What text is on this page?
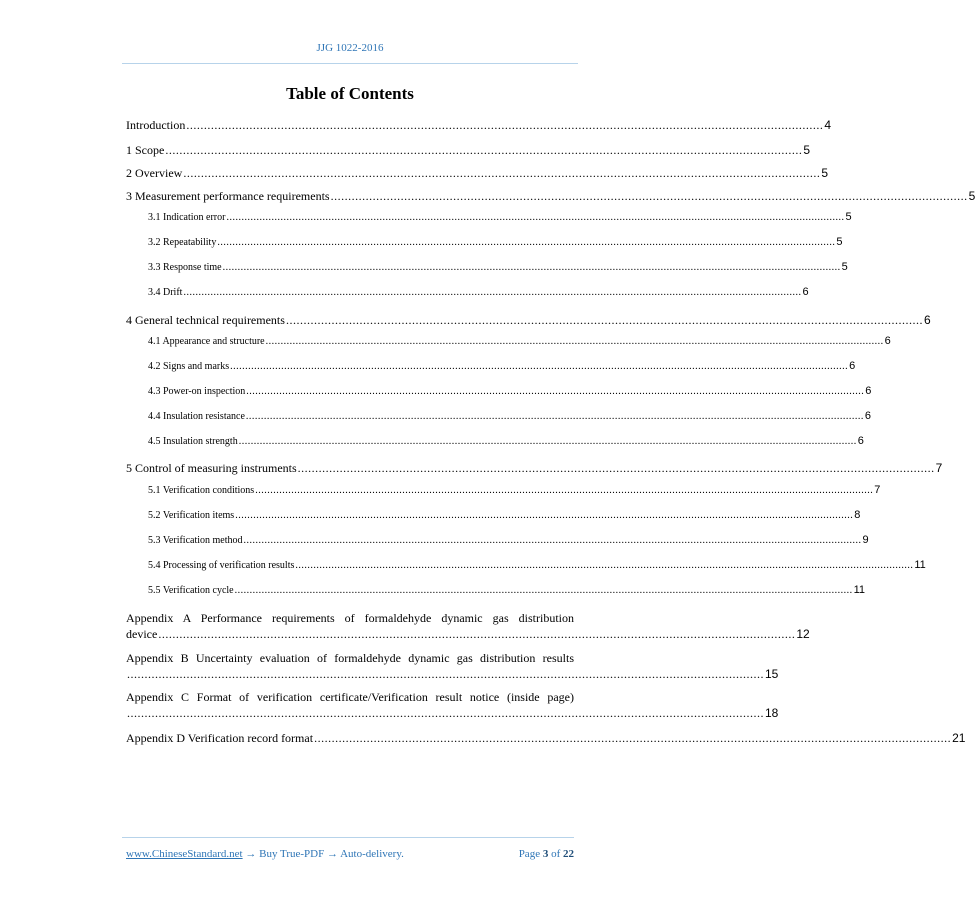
JJG 1022-2016
Table of Contents
Introduction ...................................................................................................................................................................................... 4
1 Scope ...................................................................................................................................................................................... 5
2 Overview ...................................................................................................................................................................................... 5
3 Measurement performance requirements ...................................................................................................................................................................................... 5
3.1 Indication error .............................................................................................................................................................................................................. 5
3.2 Repeatability .............................................................................................................................................................................................................. 5
3.3 Response time .............................................................................................................................................................................................................. 5
3.4 Drift .............................................................................................................................................................................................................. 6
4 General technical requirements ...................................................................................................................................................................................... 6
4.1 Appearance and structure .............................................................................................................................................................................................................. 6
4.2 Signs and marks .............................................................................................................................................................................................................. 6
4.3 Power-on inspection .............................................................................................................................................................................................................. 6
4.4 Insulation resistance .............................................................................................................................................................................................................. 6
4.5 Insulation strength .............................................................................................................................................................................................................. 6
5 Control of measuring instruments ...................................................................................................................................................................................... 7
5.1 Verification conditions .............................................................................................................................................................................................................. 7
5.2 Verification items .............................................................................................................................................................................................................. 8
5.3 Verification method .............................................................................................................................................................................................................. 9
5.4 Processing of verification results .............................................................................................................................................................................................................. 11
5.5 Verification cycle .............................................................................................................................................................................................................. 11
Appendix A Performance requirements of formaldehyde dynamic gas distribution
device ...................................................................................................................................................................................... 12
Appendix B Uncertainty evaluation of formaldehyde dynamic gas distribution results
...................................................................................................................................................................................... 15
Appendix C Format of verification certificate/Verification result notice (inside page)
...................................................................................................................................................................................... 18
Appendix D Verification record format ...................................................................................................................................................................................... 21
www.ChineseStandard.net → Buy True-PDF → Auto-delivery.	Page 3 of 22
